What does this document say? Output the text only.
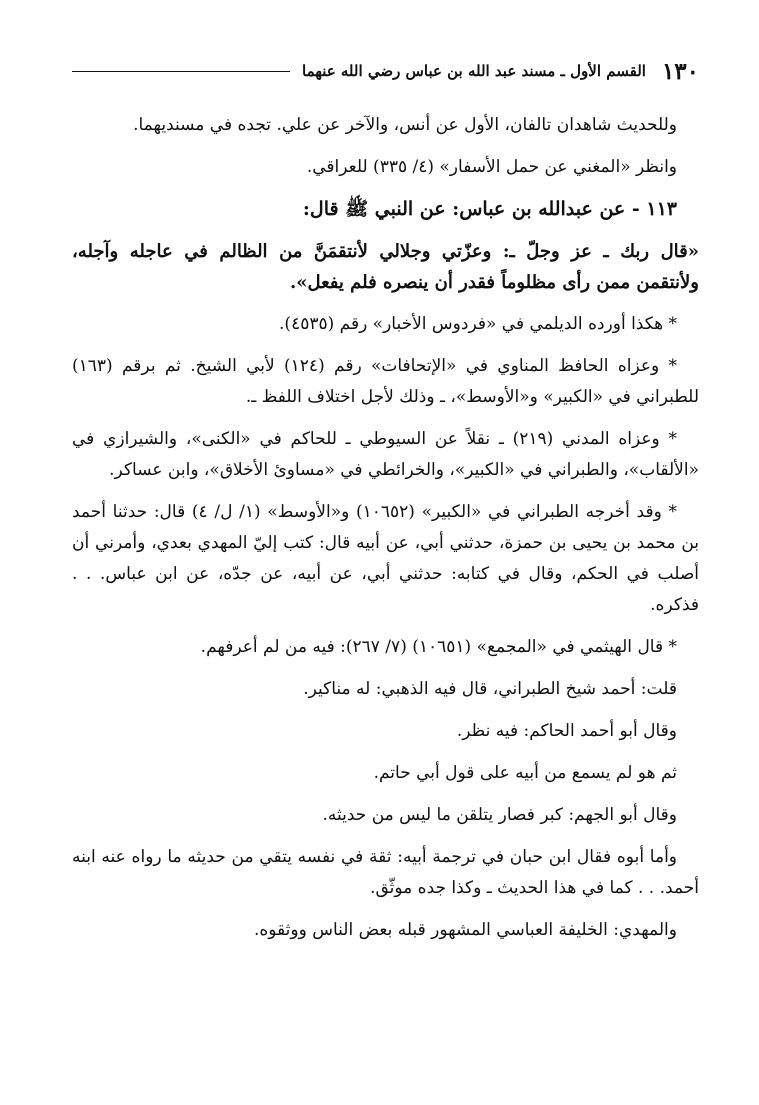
١٣٠
القسم الأول ـ مسند عبد الله بن عباس رضي الله عنهما

وللحديث شاهدان تالفان، الأول عن أنس، والآخر عن علي. تجده في مسنديهما.

وانظر «المغني عن حمل الأسفار» (٤/ ٣٣٥) للعراقي.

١١٣ - عن عبدالله بن عباس: عن النبي ﷺ قال:

«قال ربك ـ عز وجلّ ـ: وعزّتي وجلالي لأنتقمَنَّ من الظالم في عاجله وآجله، ولأنتقمن ممن رأى مظلوماً فقدر أن ينصره فلم يفعل».

* هكذا أورده الديلمي في «فردوس الأخبار» رقم (٤٥٣٥).

* وعزاه الحافظ المناوي في «الإتحافات» رقم (١٢٤) لأبي الشيخ. ثم برقم (١٦٣) للطبراني في «الكبير» و«الأوسط»، ـ وذلك لأجل اختلاف اللفظ ـ.

* وعزاه المدني (٢١٩) ـ نقلاً عن السيوطي ـ للحاكم في «الكنى»، والشيرازي في «الألقاب»، والطبراني في «الكبير»، والخرائطي في «مساوئ الأخلاق»، وابن عساكر.

* وقد أخرجه الطبراني في «الكبير» (١٠٦٥٢) و«الأوسط» (١/ ل/ ٤) قال: حدثنا أحمد بن محمد بن يحيى بن حمزة، حدثني أبي، عن أبيه قال: كتب إليّ المهدي بعدي، وأمرني أن أصلب في الحكم، وقال في كتابه: حدثني أبي، عن أبيه، عن جدّه، عن ابن عباس. . . فذكره.

* قال الهيثمي في «المجمع» (١٠٦٥١) (٧/ ٢٦٧): فيه من لم أعرفهم.

قلت: أحمد شيخ الطبراني، قال فيه الذهبي: له مناكير.

وقال أبو أحمد الحاكم: فيه نظر.

ثم هو لم يسمع من أبيه على قول أبي حاتم.

وقال أبو الجهم: كبر فصار يتلقن ما ليس من حديثه.

وأما أبوه فقال ابن حبان في ترجمة أبيه: ثقة في نفسه يتقي من حديثه ما رواه عنه ابنه أحمد. . . كما في هذا الحديث ـ وكذا جده موثّق.

والمهدي: الخليفة العباسي المشهور قبله بعض الناس ووثقوه.
